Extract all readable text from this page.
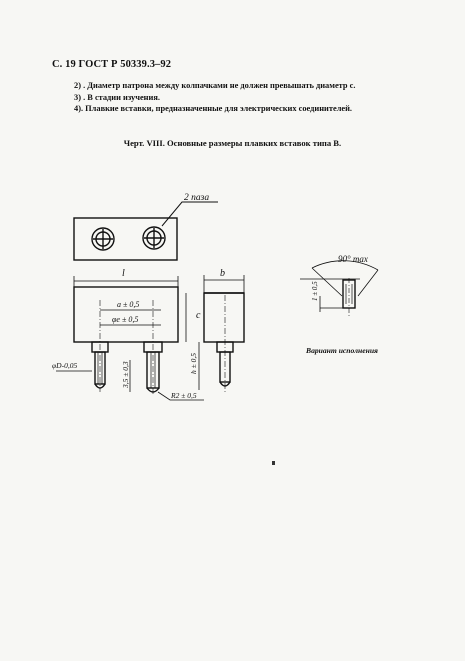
С. 19 ГОСТ Р 50339.3–92
2) . Диаметр патрона между колпачками не должен превышать диаметр c.
3) . В стадии изучения.
4). Плавкие вставки, предназначенные для электрических соединителей.
Черт. VIII. Основные размеры плавких вставок типа В.
2 паза
l	b
c
a ± 0,5
φe ± 0,5
φD-0,05	h ± 0,5
3,5 ± 0,3
R2 ± 0,5
90° max
1 ± 0,5
Вариант исполнения
